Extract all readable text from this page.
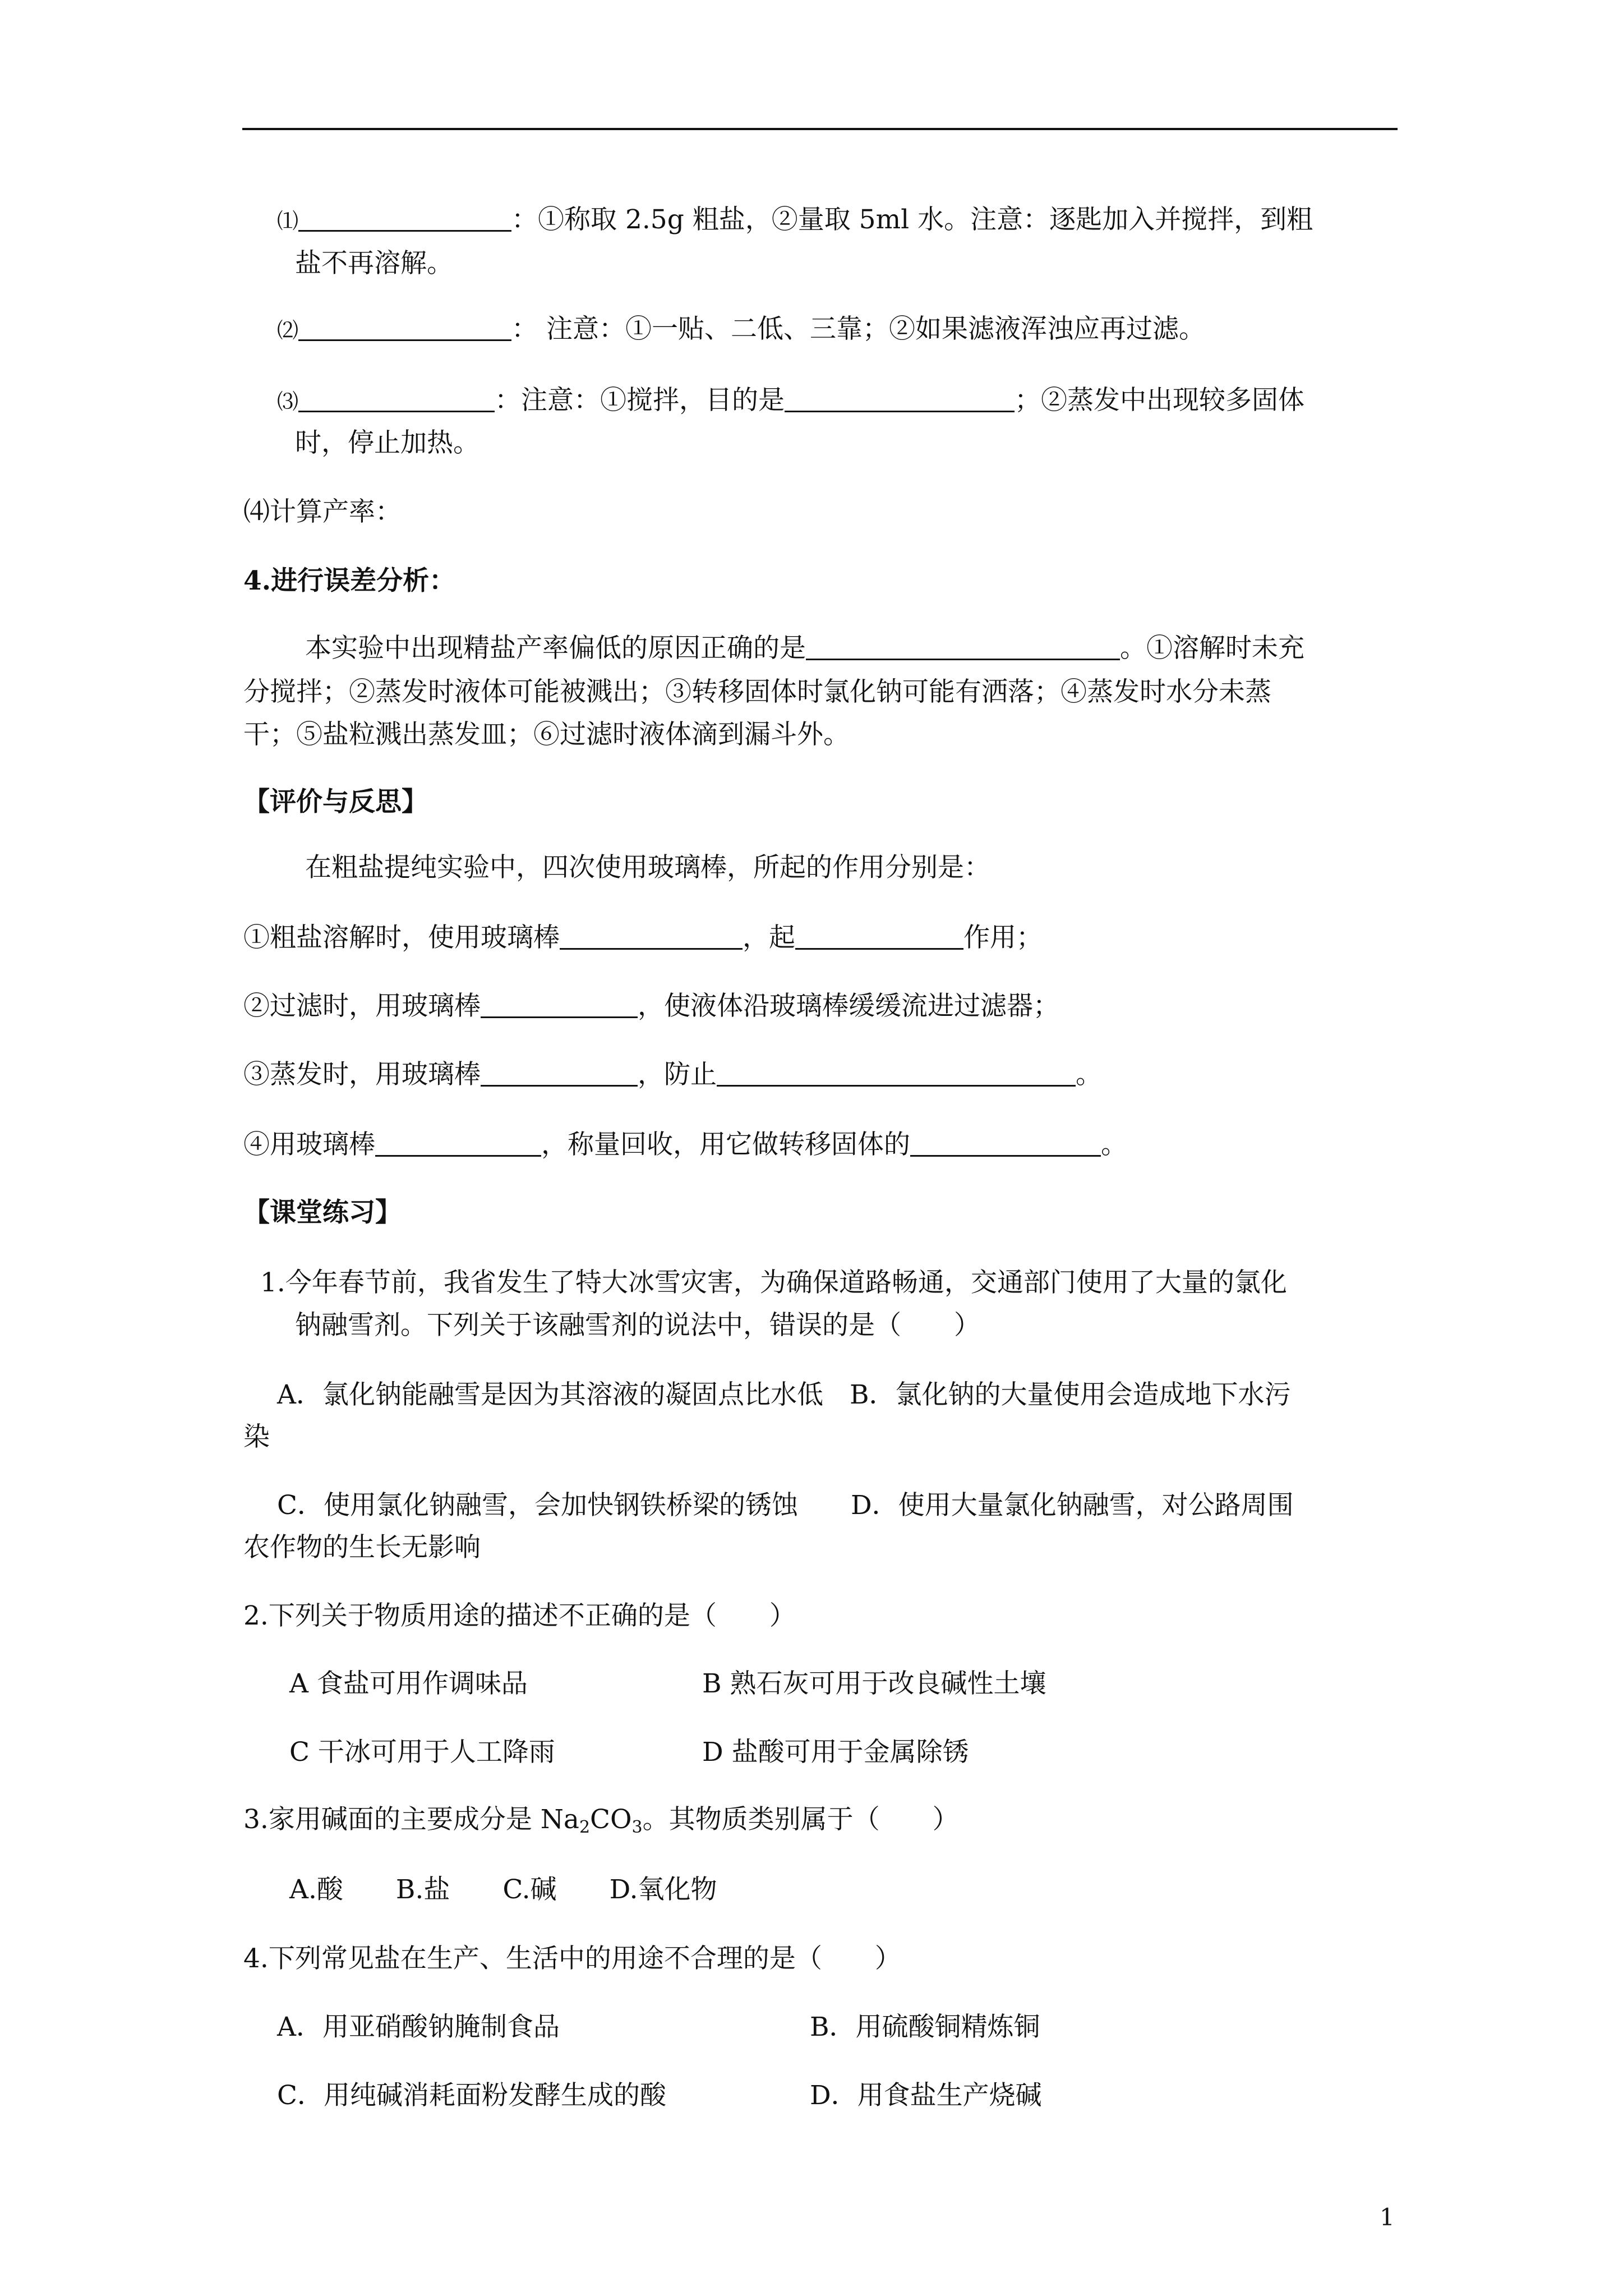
⑴	：①称取 2.5g 粗盐，②量取 5ml 水。注意：逐匙加入并搅拌，到粗
盐不再溶解。
⑵	： 注意：①一贴、二低、三靠；②如果滤液浑浊应再过滤。
⑶	：注意：①搅拌，目的是	；②蒸发中出现较多固体
时，停止加热。
⑷计算产率：
4.进行误差分析：
本实验中出现精盐产率偏低的原因正确的是	。①溶解时未充
分搅拌；②蒸发时液体可能被溅出；③转移固体时氯化钠可能有洒落；④蒸发时水分未蒸
干；⑤盐粒溅出蒸发皿；⑥过滤时液体滴到漏斗外。
【评价与反思】
在粗盐提纯实验中，四次使用玻璃棒，所起的作用分别是：
①粗盐溶解时，使用玻璃棒	，起	作用；
②过滤时，用玻璃棒	，使液体沿玻璃棒缓缓流进过滤器；
③蒸发时，用玻璃棒	，防止	。
④用玻璃棒	，称量回收，用它做转移固体的	。
【课堂练习】
1.今年春节前，我省发生了特大冰雪灾害，为确保道路畅通，交通部门使用了大量的氯化
钠融雪剂。下列关于该融雪剂的说法中，错误的是（　　）
A．氯化钠能融雪是因为其溶液的凝固点比水低　B．氯化钠的大量使用会造成地下水污
染
C．使用氯化钠融雪，会加快钢铁桥梁的锈蚀　　D．使用大量氯化钠融雪，对公路周围
农作物的生长无影响
2.下列关于物质用途的描述不正确的是（　　）
A 食盐可用作调味品	B 熟石灰可用于改良碱性土壤
C 干冰可用于人工降雨	D 盐酸可用于金属除锈
3.家用碱面的主要成分是 $Na_2CO_3$。其物质类别属于（　　）
A.酸　　B.盐　　C.碱　　D.氧化物
4.下列常见盐在生产、生活中的用途不合理的是（　　）
A．用亚硝酸钠腌制食品	B．用硫酸铜精炼铜
C．用纯碱消耗面粉发酵生成的酸	D．用食盐生产烧碱
1
